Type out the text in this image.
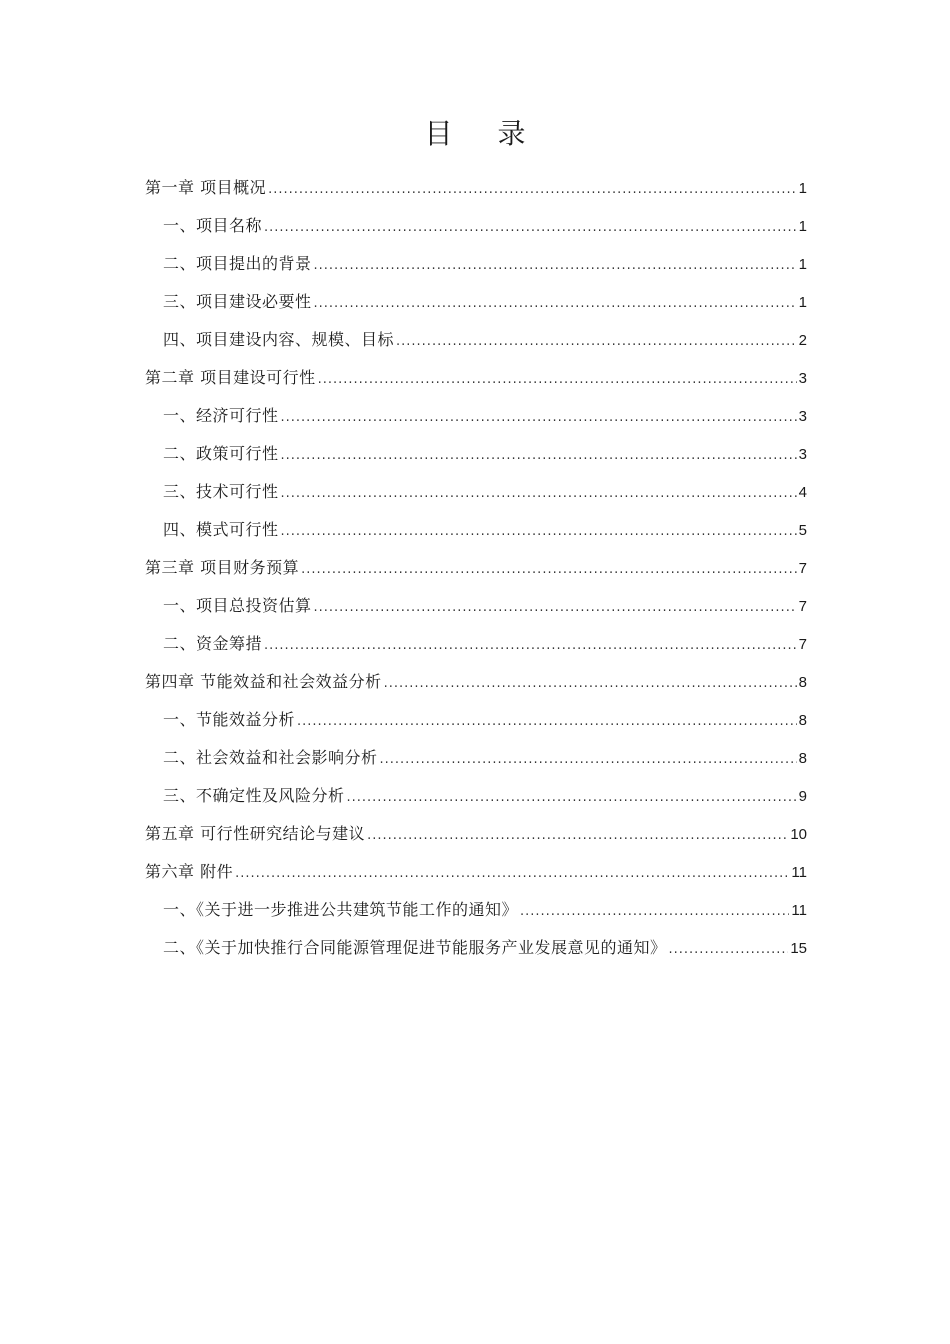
目 录
第一章 项目概况 .....	1
一、项目名称 .....	1
二、项目提出的背景 .....	1
三、项目建设必要性 .....	1
四、项目建设内容、规模、目标 .....	2
第二章 项目建设可行性 .....	3
一、经济可行性 .....	3
二、政策可行性 .....	3
三、技术可行性 .....	4
四、模式可行性 .....	5
第三章 项目财务预算 .....	7
一、项目总投资估算 .....	7
二、资金筹措 .....	7
第四章 节能效益和社会效益分析 .....	8
一、节能效益分析 .....	8
二、社会效益和社会影响分析 .....	8
三、不确定性及风险分析 .....	9
第五章 可行性研究结论与建议 .....	10
第六章 附件 .....	11
一、《关于进一步推进公共建筑节能工作的通知》 .....	11
二、《关于加快推行合同能源管理促进节能服务产业发展意见的通知》 .....	15
